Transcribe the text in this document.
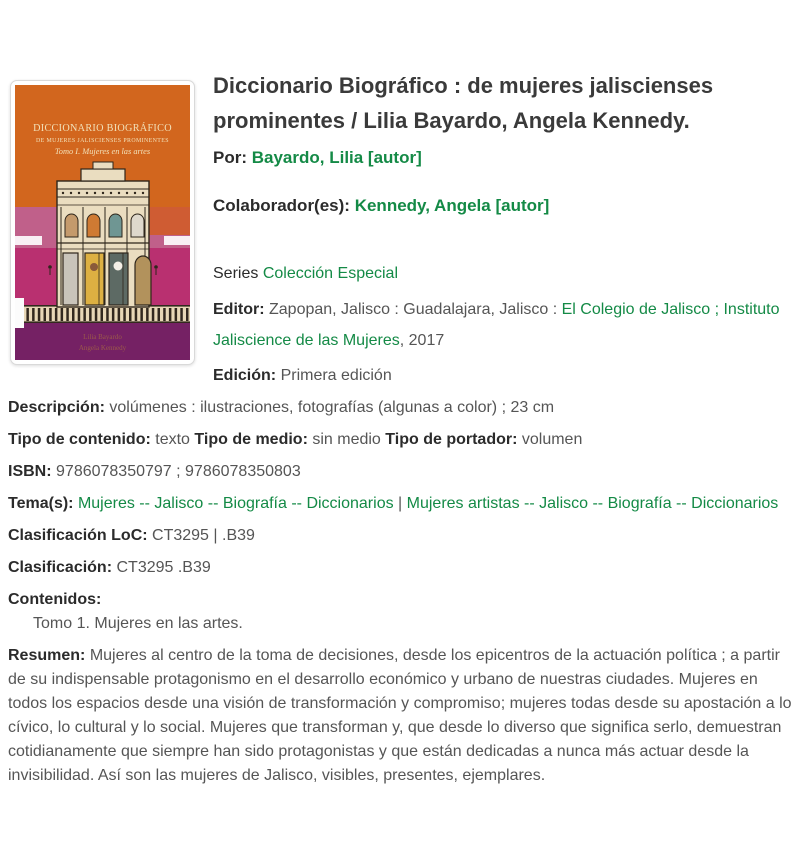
DICCIONARIO BIOGRÁFICO
DE MUJERES JALISCIENSES PROMINENTES
Tomo I. Mujeres en las artes
Lilia Bayardo
Angela Kennedy
Diccionario Biográfico : de mujeres jaliscienses prominentes / Lilia Bayardo, Angela Kennedy.

Por: Bayardo, Lilia [autor]

Colaborador(es): Kennedy, Angela [autor]

Series Colección Especial

Editor: Zapopan, Jalisco : Guadalajara, Jalisco : El Colegio de Jalisco ; Instituto Jaliscience de las Mujeres, 2017

Edición: Primera edición

Descripción: volúmenes : ilustraciones, fotografías (algunas a color) ; 23 cm

Tipo de contenido: texto Tipo de medio: sin medio Tipo de portador: volumen

ISBN: 9786078350797 ; 9786078350803

Tema(s): Mujeres -- Jalisco -- Biografía -- Diccionarios | Mujeres artistas -- Jalisco -- Biografía -- Diccionarios

Clasificación LoC: CT3295 | .B39

Clasificación: CT3295 .B39

Contenidos:
Tomo 1. Mujeres en las artes.

Resumen: Mujeres al centro de la toma de decisiones, desde los epicentros de la actuación política ; a partir de su indispensable protagonismo en el desarrollo económico y urbano de nuestras ciudades. Mujeres en todos los espacios desde una visión de transformación y compromiso; mujeres todas desde su apostación a lo cívico, lo cultural y lo social. Mujeres que transforman y, que desde lo diverso que significa serlo, demuestran cotidianamente que siempre han sido protagonistas y que están dedicadas a nunca más actuar desde la invisibilidad. Así son las mujeres de Jalisco, visibles, presentes, ejemplares.
